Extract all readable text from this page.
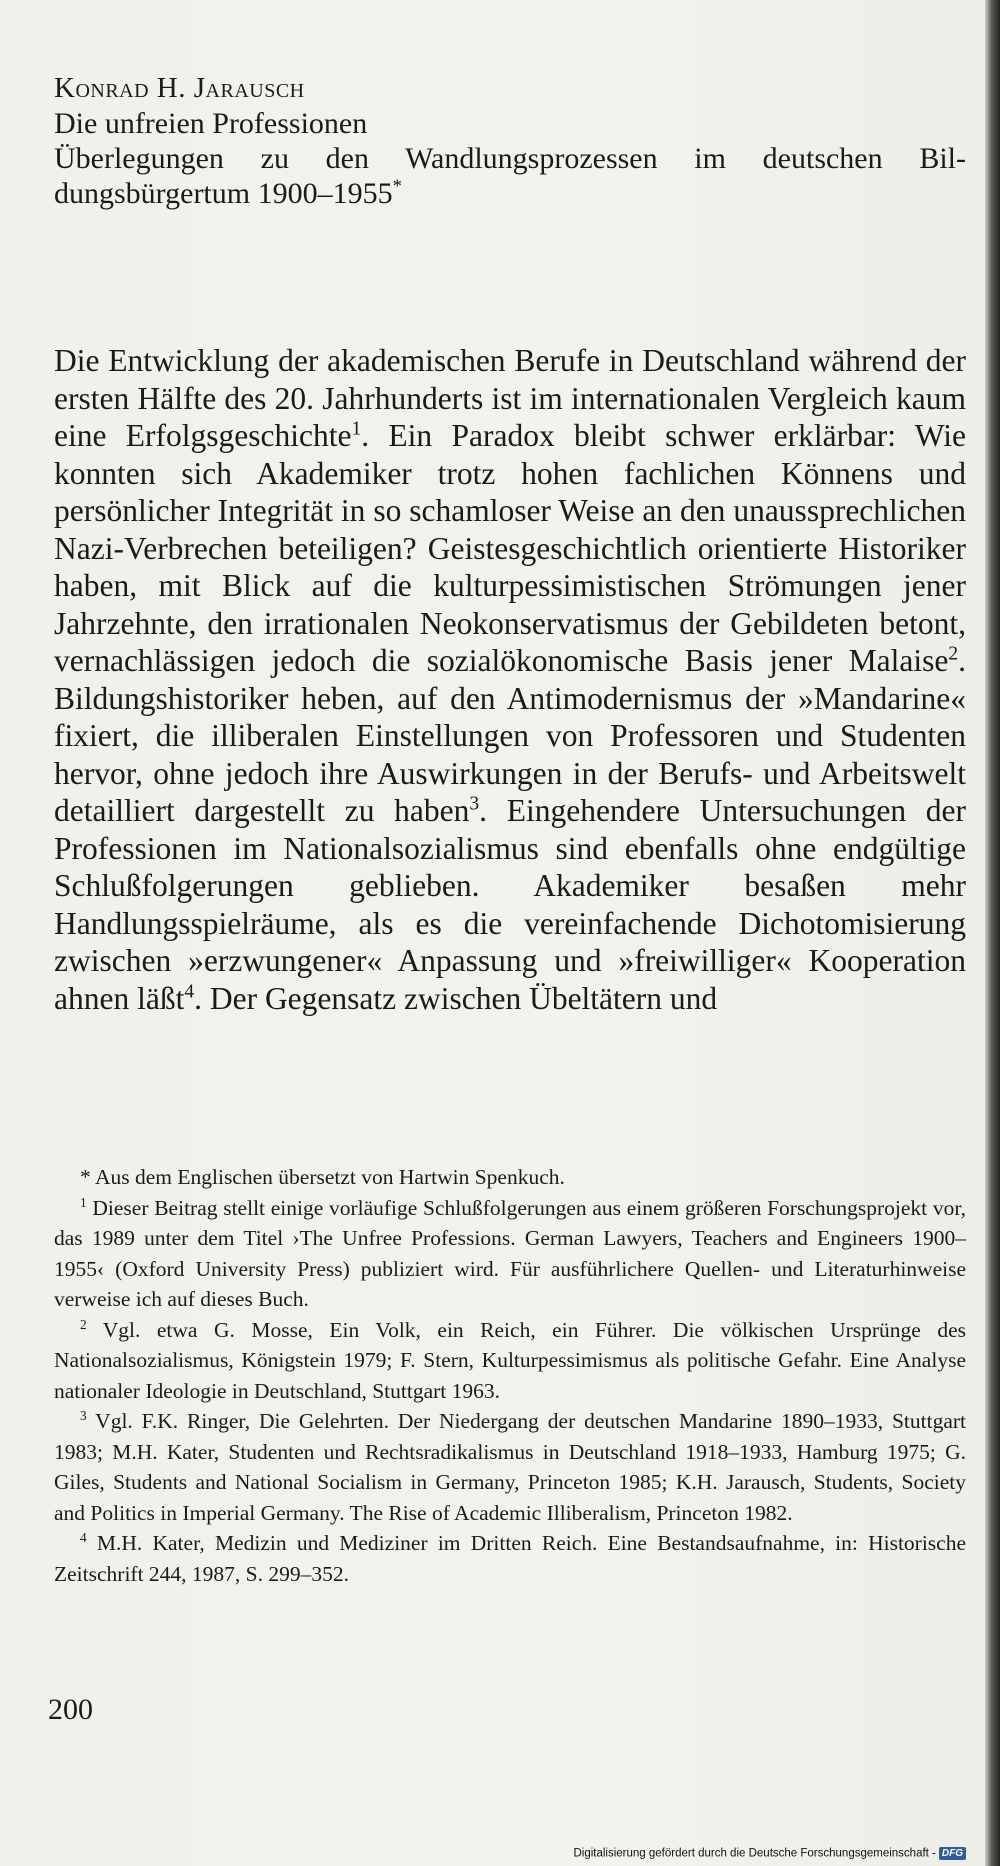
Konrad H. Jarausch

Die unfreien Professionen

Überlegungen zu den Wandlungsprozessen im deutschen Bil-dungsbürgertum 1900–1955*

Die Entwicklung der akademischen Berufe in Deutschland während der ersten Hälfte des 20. Jahrhunderts ist im internationalen Vergleich kaum eine Erfolgsgeschichte$^1$. Ein Paradox bleibt schwer erklärbar: Wie konnten sich Akademiker trotz hohen fachlichen Könnens und persönlicher Integrität in so schamloser Weise an den unaussprechlichen Nazi-Verbrechen beteiligen? Geistesgeschichtlich orientierte Historiker haben, mit Blick auf die kulturpessimistischen Strömungen jener Jahrzehnte, den irrationalen Neokonservatismus der Gebildeten betont, vernachlässigen jedoch die sozialökonomische Basis jener Malaise$^2$. Bildungshistoriker heben, auf den Antimodernismus der »Mandarine« fixiert, die illiberalen Einstellungen von Professoren und Studenten hervor, ohne jedoch ihre Auswirkungen in der Berufs- und Arbeitswelt detailliert dargestellt zu haben$^3$. Eingehendere Untersuchungen der Professionen im Nationalsozialismus sind ebenfalls ohne endgültige Schlußfolgerungen geblieben. Akademiker besaßen mehr Handlungsspielräume, als es die vereinfachende Dichotomisierung zwischen »erzwungener« Anpassung und »freiwilliger« Kooperation ahnen läßt$^4$. Der Gegensatz zwischen Übeltätern und

* Aus dem Englischen übersetzt von Hartwin Spenkuch.

$^1$ Dieser Beitrag stellt einige vorläufige Schlußfolgerungen aus einem größeren Forschungsprojekt vor, das 1989 unter dem Titel ›The Unfree Professions. German Lawyers, Teachers and Engineers 1900–1955‹ (Oxford University Press) publiziert wird. Für ausführlichere Quellen- und Literaturhinweise verweise ich auf dieses Buch.

$^2$ Vgl. etwa G. Mosse, Ein Volk, ein Reich, ein Führer. Die völkischen Ursprünge des Nationalsozialismus, Königstein 1979; F. Stern, Kulturpessimismus als politische Gefahr. Eine Analyse nationaler Ideologie in Deutschland, Stuttgart 1963.

$^3$ Vgl. F.K. Ringer, Die Gelehrten. Der Niedergang der deutschen Mandarine 1890–1933, Stuttgart 1983; M.H. Kater, Studenten und Rechtsradikalismus in Deutschland 1918–1933, Hamburg 1975; G. Giles, Students and National Socialism in Germany, Princeton 1985; K.H. Jarausch, Students, Society and Politics in Imperial Germany. The Rise of Academic Illiberalism, Princeton 1982.

$^4$ M.H. Kater, Medizin und Mediziner im Dritten Reich. Eine Bestandsaufnahme, in: Historische Zeitschrift 244, 1987, S. 299–352.

200
Digitalisierung gefördert durch die Deutsche Forschungsgemeinschaft - DFG
